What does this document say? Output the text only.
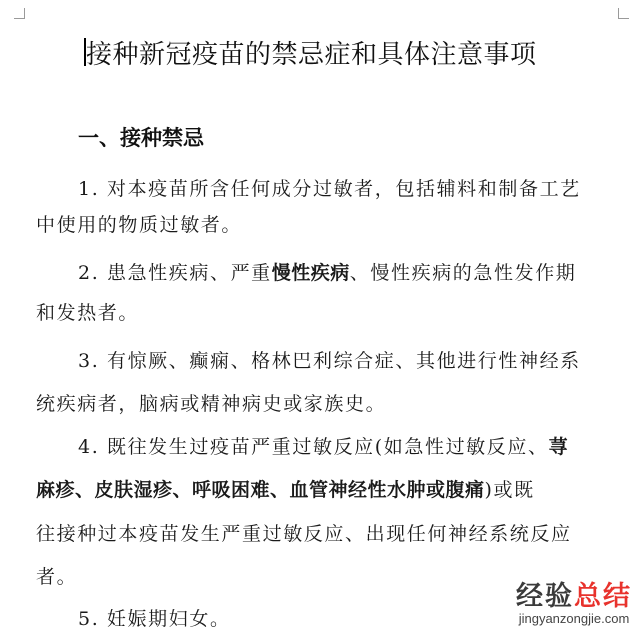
接种新冠疫苗的禁忌症和具体注意事项
一、接种禁忌
1. 对本疫苗所含任何成分过敏者，包括辅料和制备工艺
中使用的物质过敏者。
2. 患急性疾病、严重慢性疾病、慢性疾病的急性发作期
和发热者。
3. 有惊厥、癫痫、格林巴利综合症、其他进行性神经系
统疾病者，脑病或精神病史或家族史。
4. 既往发生过疫苗严重过敏反应(如急性过敏反应、荨
麻疹、皮肤湿疹、呼吸困难、血管神经性水肿或腹痛)或既
往接种过本疫苗发生严重过敏反应、出现任何神经系统反应
者。
5. 妊娠期妇女。
经验总结
jingyanzongjie.com
